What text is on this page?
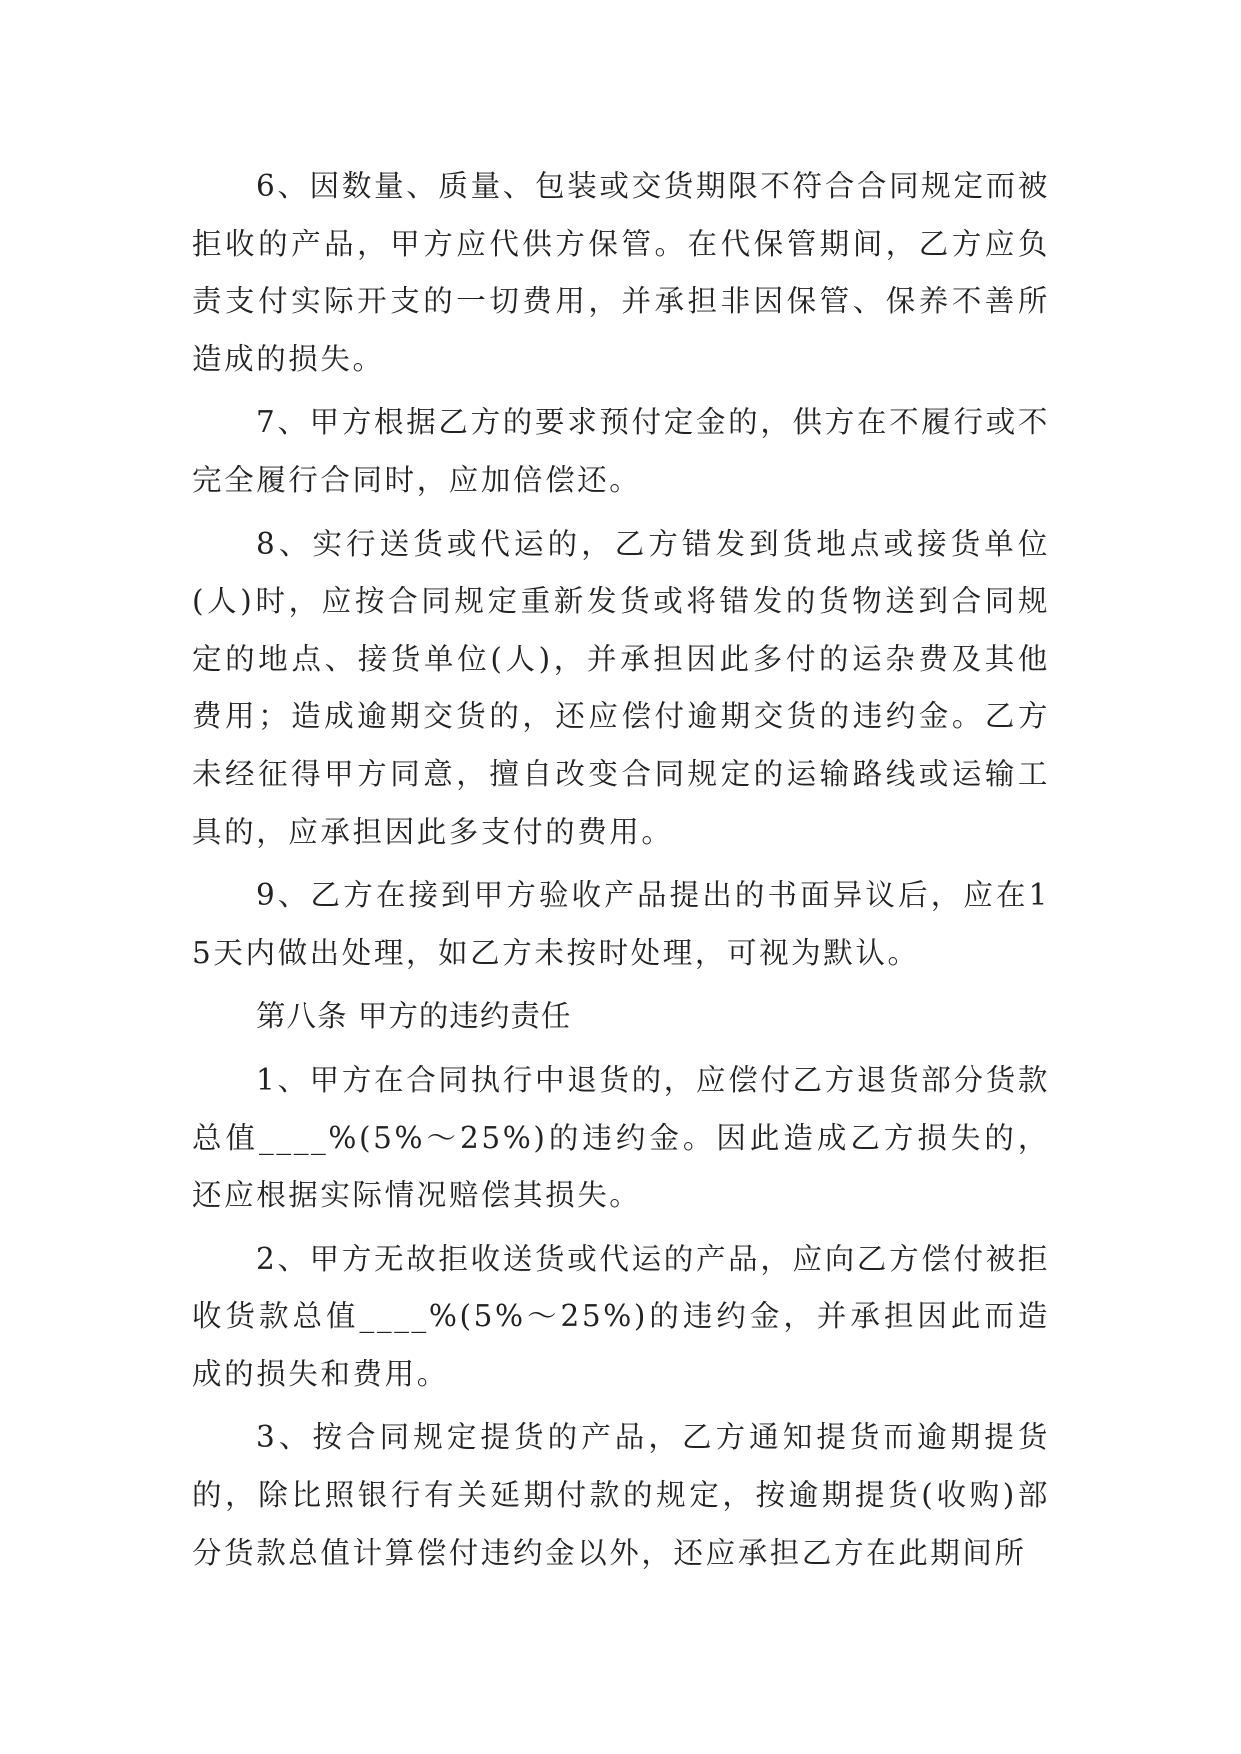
6、因数量、质量、包装或交货期限不符合合同规定而被拒收的产品，甲方应代供方保管。在代保管期间，乙方应负责支付实际开支的一切费用，并承担非因保管、保养不善所造成的损失。

7、甲方根据乙方的要求预付定金的，供方在不履行或不完全履行合同时，应加倍偿还。

8、实行送货或代运的，乙方错发到货地点或接货单位(人)时，应按合同规定重新发货或将错发的货物送到合同规定的地点、接货单位(人)，并承担因此多付的运杂费及其他费用；造成逾期交货的，还应偿付逾期交货的违约金。乙方未经征得甲方同意，擅自改变合同规定的运输路线或运输工具的，应承担因此多支付的费用。

9、乙方在接到甲方验收产品提出的书面异议后，应在15天内做出处理，如乙方未按时处理，可视为默认。

第八条 甲方的违约责任

1、甲方在合同执行中退货的，应偿付乙方退货部分货款总值____%(5%～25%)的违约金。因此造成乙方损失的，还应根据实际情况赔偿其损失。

2、甲方无故拒收送货或代运的产品，应向乙方偿付被拒收货款总值____%(5%～25%)的违约金，并承担因此而造成的损失和费用。

3、按合同规定提货的产品，乙方通知提货而逾期提货的，除比照银行有关延期付款的规定，按逾期提货(收购)部分货款总值计算偿付违约金以外，还应承担乙方在此期间所
